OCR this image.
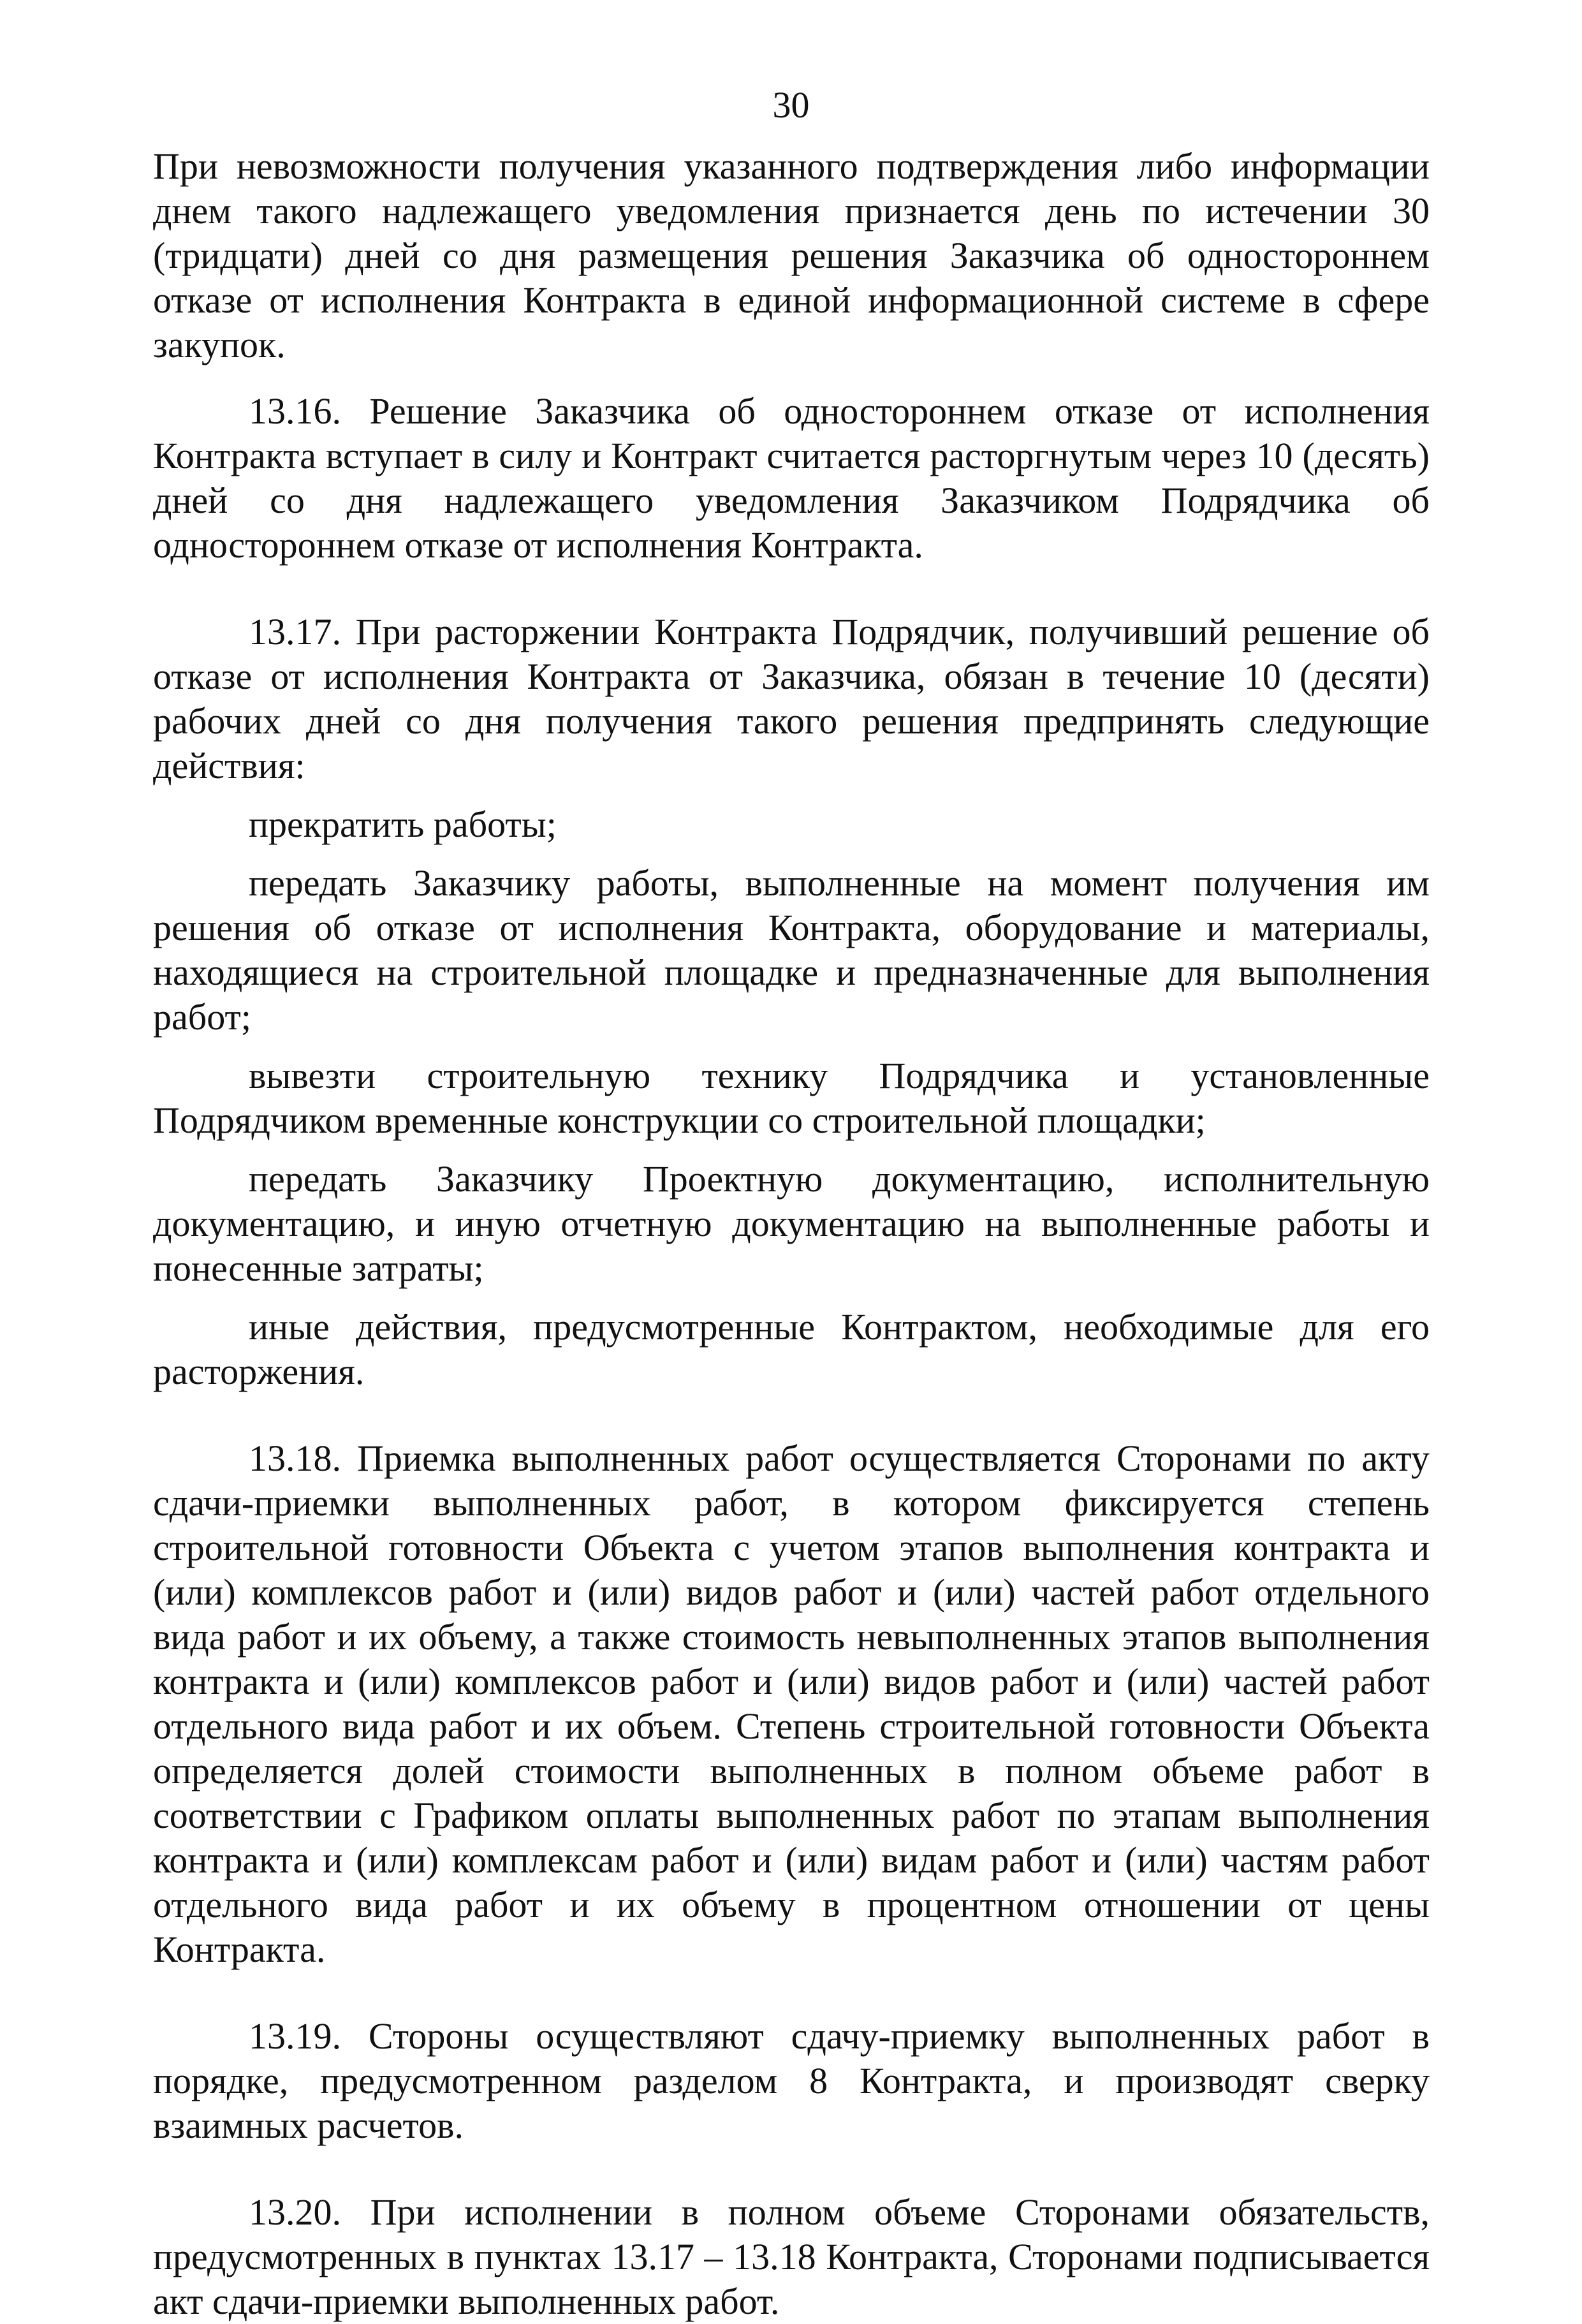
30

При невозможности получения указанного подтверждения либо информации днем такого надлежащего уведомления признается день по истечении 30 (тридцати) дней со дня размещения решения Заказчика об одностороннем отказе от исполнения Контракта в единой информационной системе в сфере закупок.

13.16. Решение Заказчика об одностороннем отказе от исполнения Контракта вступает в силу и Контракт считается расторгнутым через 10 (десять) дней со дня надлежащего уведомления Заказчиком Подрядчика об одностороннем отказе от исполнения Контракта.

13.17. При расторжении Контракта Подрядчик, получивший решение об отказе от исполнения Контракта от Заказчика, обязан в течение 10 (десяти) рабочих дней со дня получения такого решения предпринять следующие действия:

прекратить работы;

передать Заказчику работы, выполненные на момент получения им решения об отказе от исполнения Контракта, оборудование и материалы, находящиеся на строительной площадке и предназначенные для выполнения работ;

вывезти строительную технику Подрядчика и установленные Подрядчиком временные конструкции со строительной площадки;

передать Заказчику Проектную документацию, исполнительную документацию, и иную отчетную документацию на выполненные работы и понесенные затраты;

иные действия, предусмотренные Контрактом, необходимые для его расторжения.

13.18. Приемка выполненных работ осуществляется Сторонами по акту сдачи-приемки выполненных работ, в котором фиксируется степень строительной готовности Объекта с учетом этапов выполнения контракта и (или) комплексов работ и (или) видов работ и (или) частей работ отдельного вида работ и их объему, а также стоимость невыполненных этапов выполнения контракта и (или) комплексов работ и (или) видов работ и (или) частей работ отдельного вида работ и их объем. Степень строительной готовности Объекта определяется долей стоимости выполненных в полном объеме работ в соответствии с Графиком оплаты выполненных работ по этапам выполнения контракта и (или) комплексам работ и (или) видам работ и (или) частям работ отдельного вида работ и их объему в процентном отношении от цены Контракта.

13.19. Стороны осуществляют сдачу-приемку выполненных работ в порядке, предусмотренном разделом 8 Контракта, и производят сверку взаимных расчетов.

13.20. При исполнении в полном объеме Сторонами обязательств, предусмотренных в пунктах 13.17 – 13.18 Контракта, Сторонами подписывается акт сдачи-приемки выполненных работ.
